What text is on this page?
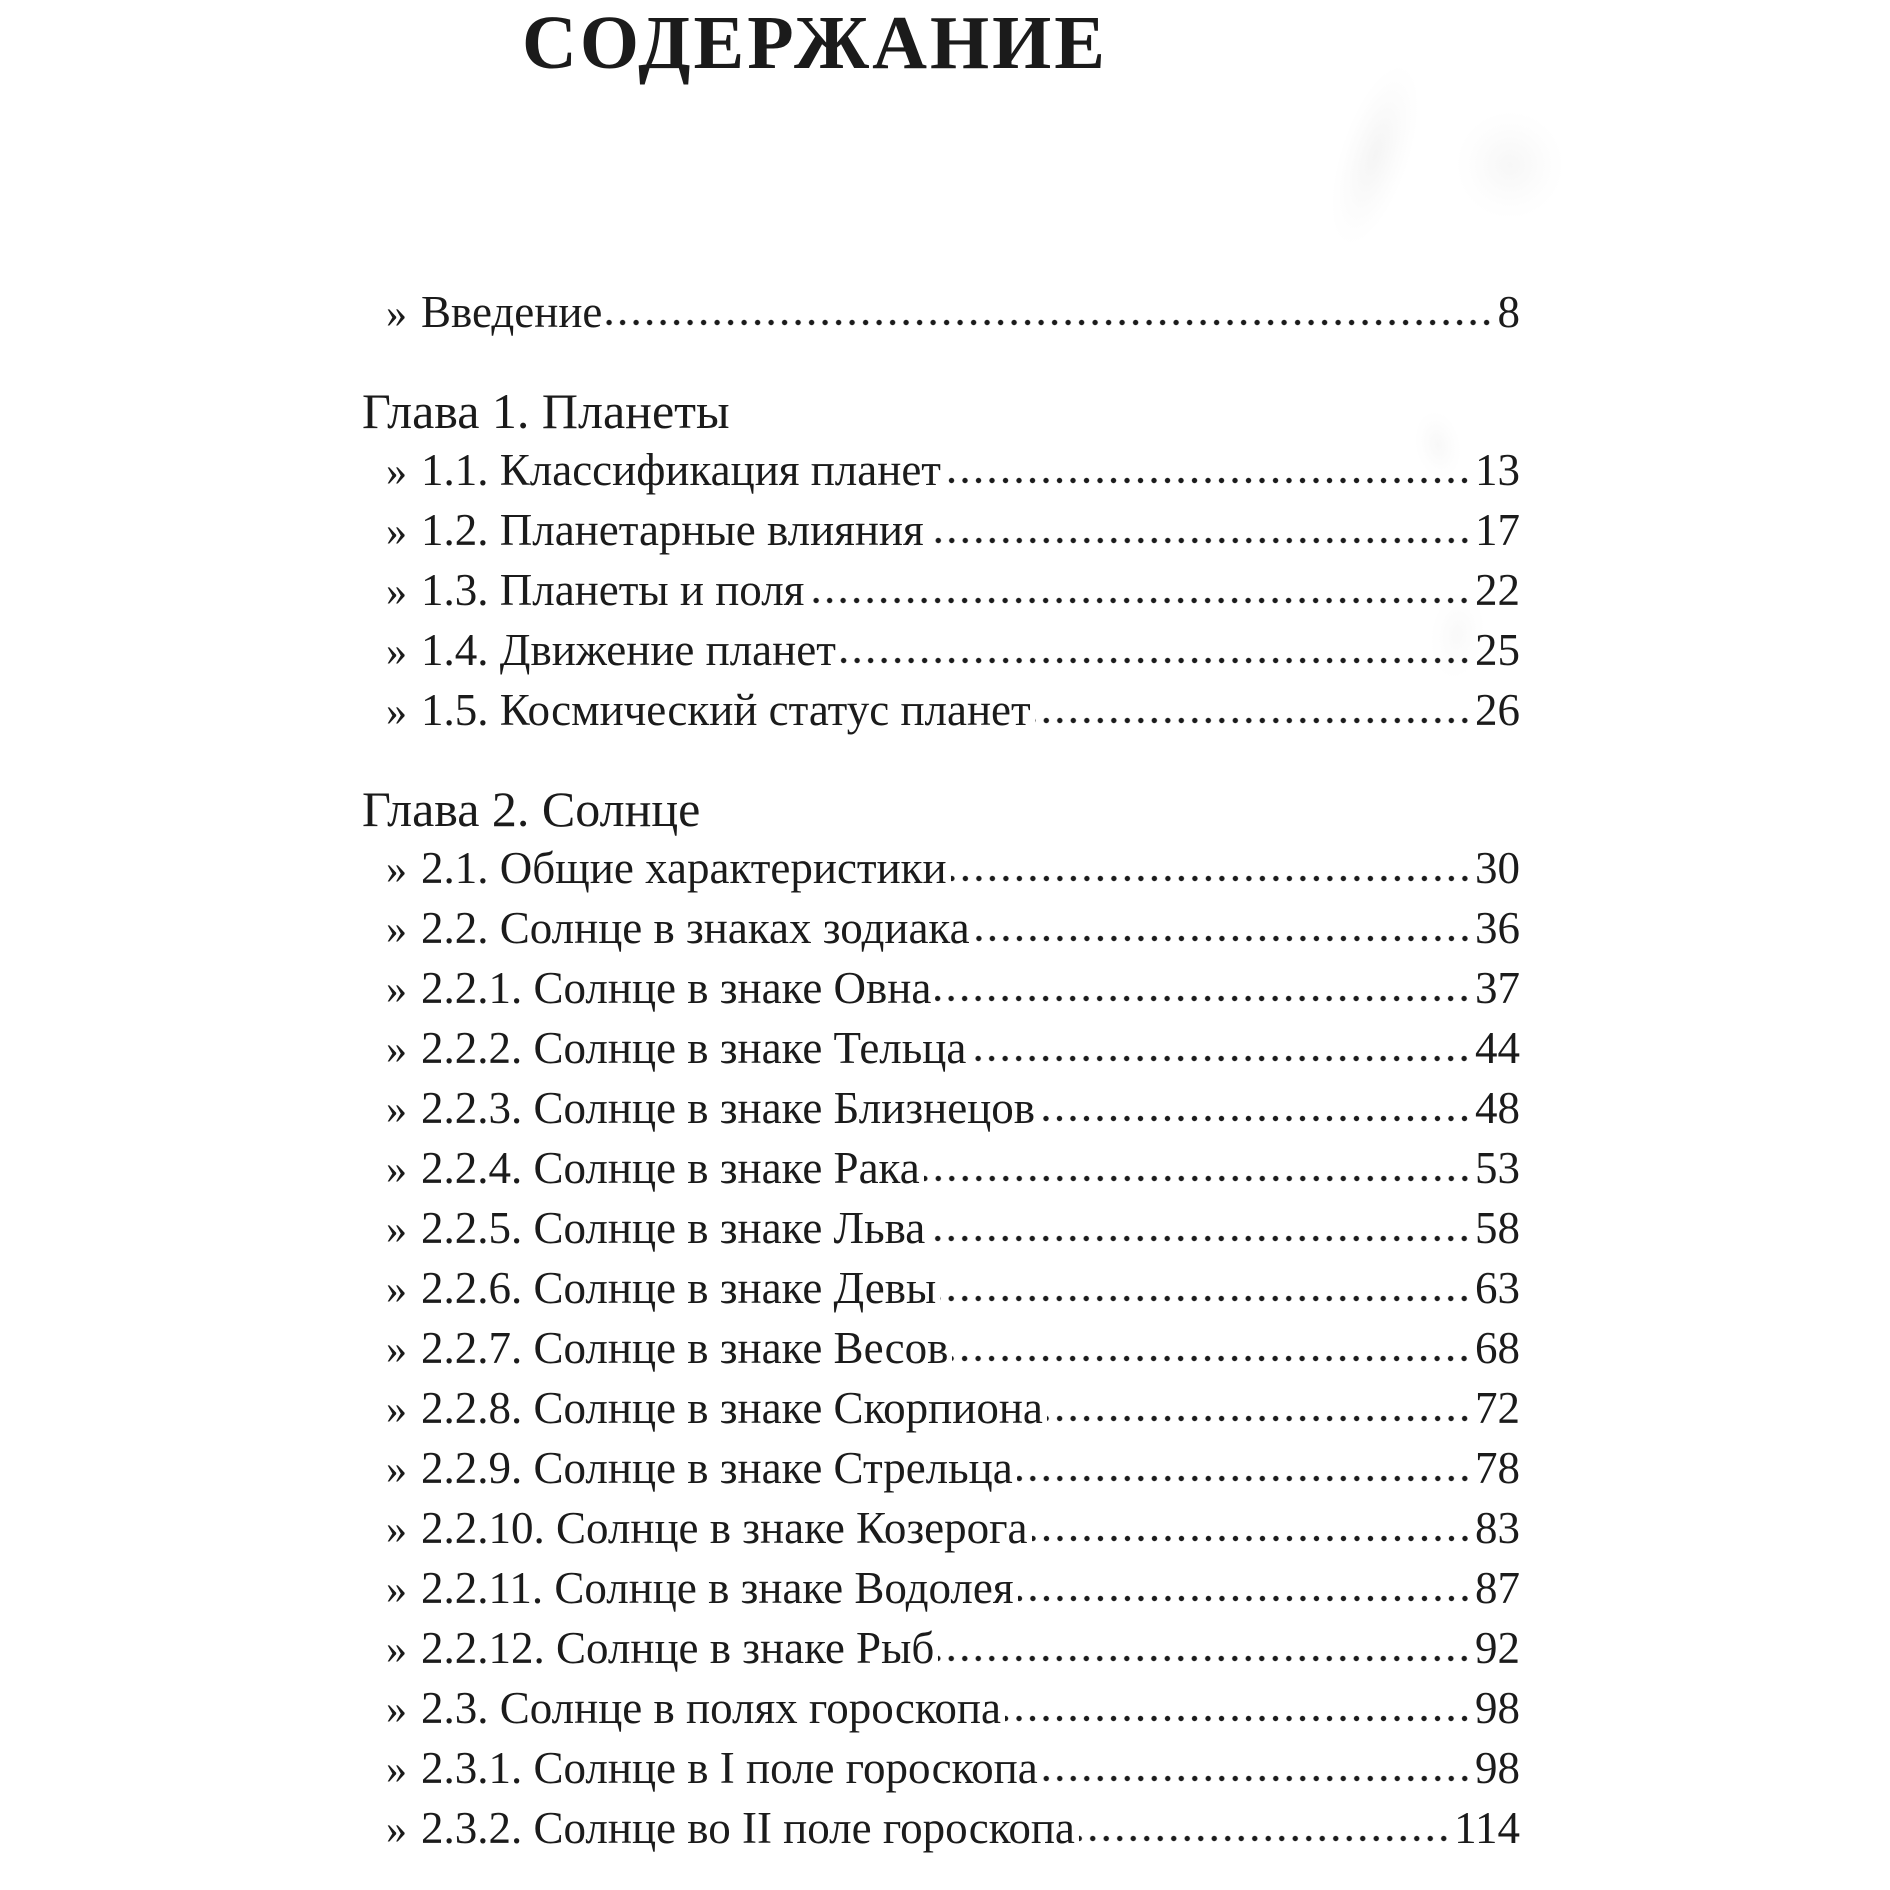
СОДЕРЖАНИЕ
» Введение	8
Глава 1. Планеты
» 1.1. Классификация планет	13
» 1.2. Планетарные влияния	17
» 1.3. Планеты и поля	22
» 1.4. Движение планет	25
» 1.5. Космический статус планет	26
Глава 2. Солнце
» 2.1. Общие характеристики	30
» 2.2. Солнце в знаках зодиака	36
» 2.2.1. Солнце в знаке Овна	37
» 2.2.2. Солнце в знаке Тельца	44
» 2.2.3. Солнце в знаке Близнецов	48
» 2.2.4. Солнце в знаке Рака	53
» 2.2.5. Солнце в знаке Льва	58
» 2.2.6. Солнце в знаке Девы	63
» 2.2.7. Солнце в знаке Весов	68
» 2.2.8. Солнце в знаке Скорпиона	72
» 2.2.9. Солнце в знаке Стрельца	78
» 2.2.10. Солнце в знаке Козерога	83
» 2.2.11. Солнце в знаке Водолея	87
» 2.2.12. Солнце в знаке Рыб	92
» 2.3. Солнце в полях гороскопа	98
» 2.3.1. Солнце в I поле гороскопа	98
» 2.3.2. Солнце во II поле гороскопа	114
